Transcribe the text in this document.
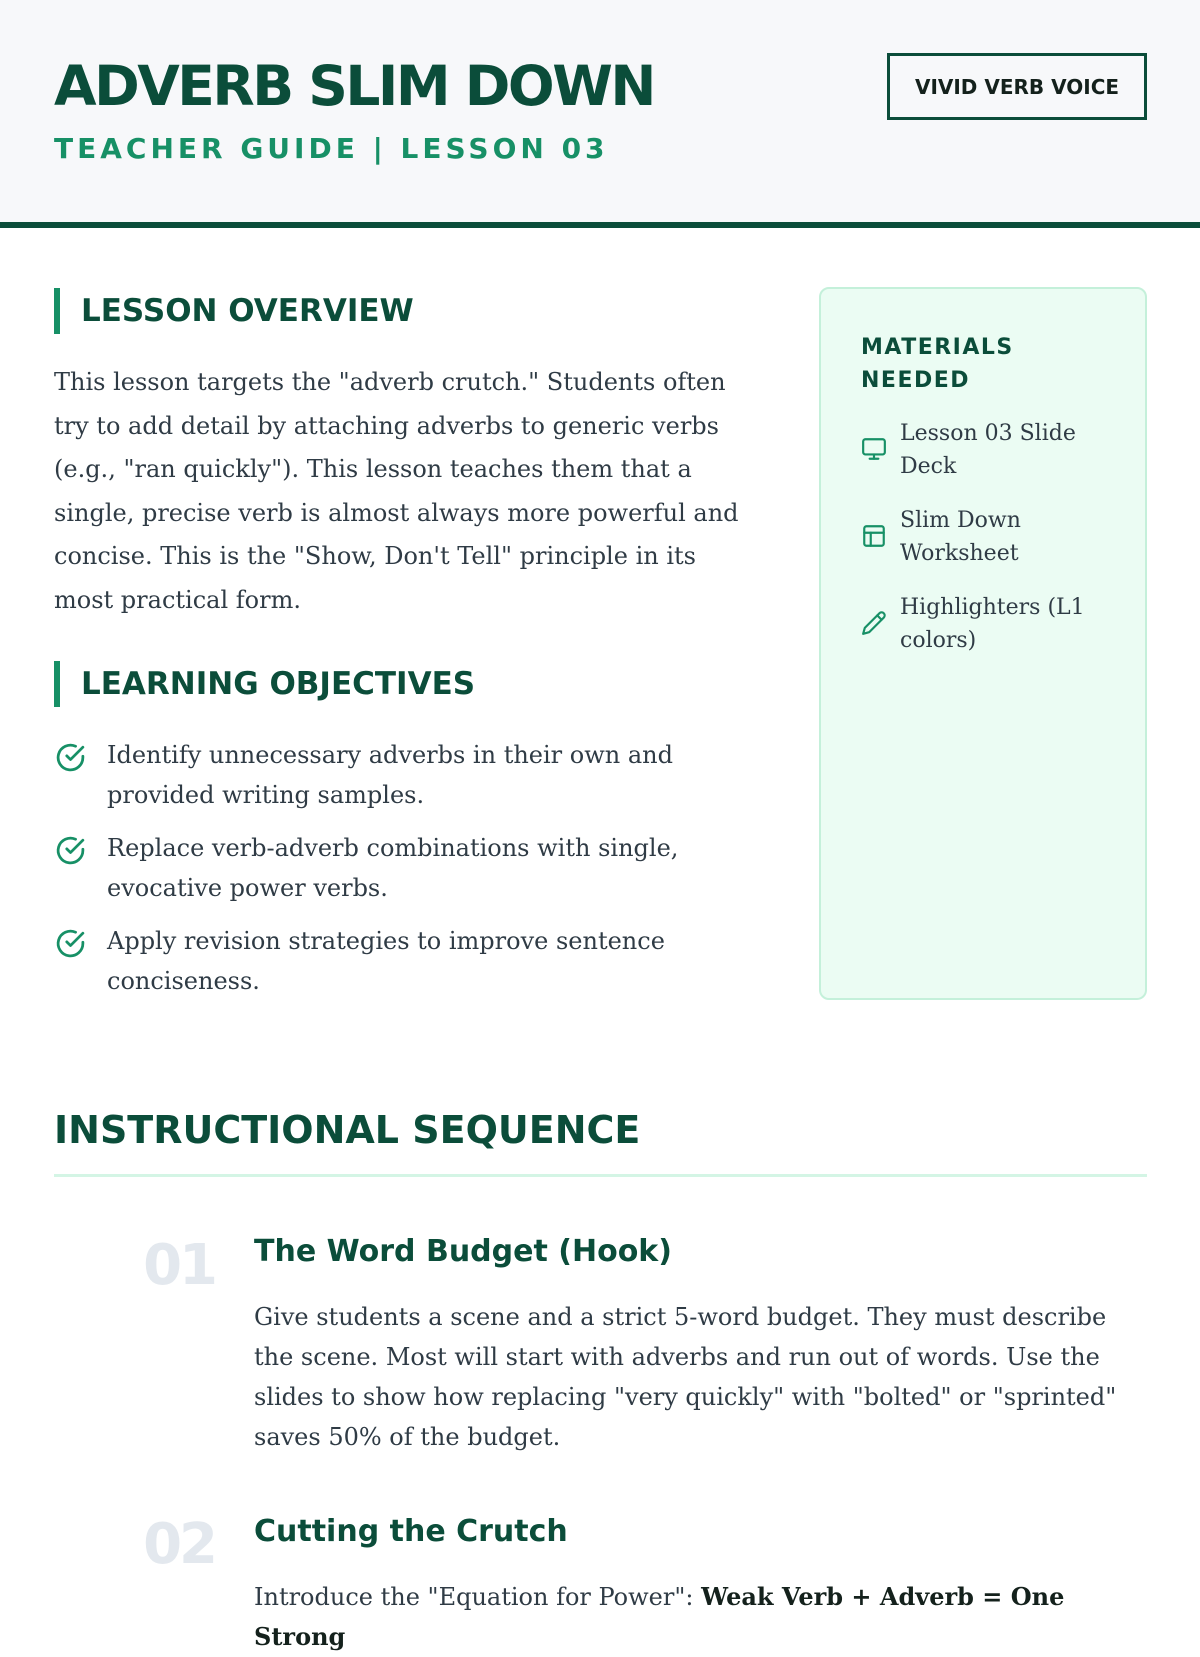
ADVERB SLIM DOWN
TEACHER GUIDE | LESSON 03
VIVID VERB VOICE
LESSON OVERVIEW

This lesson targets the "adverb crutch." Students often try to add detail by attaching adverbs to generic verbs (e.g., "ran quickly"). This lesson teaches them that a single, precise verb is almost always more powerful and concise. This is the "Show, Don't Tell" principle in its most practical form.

LEARNING OBJECTIVES
Identify unnecessary adverbs in their own and provided writing samples.
Replace verb-adverb combinations with single, evocative power verbs.
Apply revision strategies to improve sentence conciseness.
MATERIALS NEEDED
Lesson 03 Slide Deck
Slim Down Worksheet
Highlighters (L1 colors)
INSTRUCTIONAL SEQUENCE
01 The Word Budget (Hook)

Give students a scene and a strict 5-word budget. They must describe the scene. Most will start with adverbs and run out of words. Use the slides to show how replacing "very quickly" with "bolted" or "sprinted" saves 50% of the budget.

02 Cutting the Crutch

Introduce the "Equation for Power": Weak Verb + Adverb = One Strong
